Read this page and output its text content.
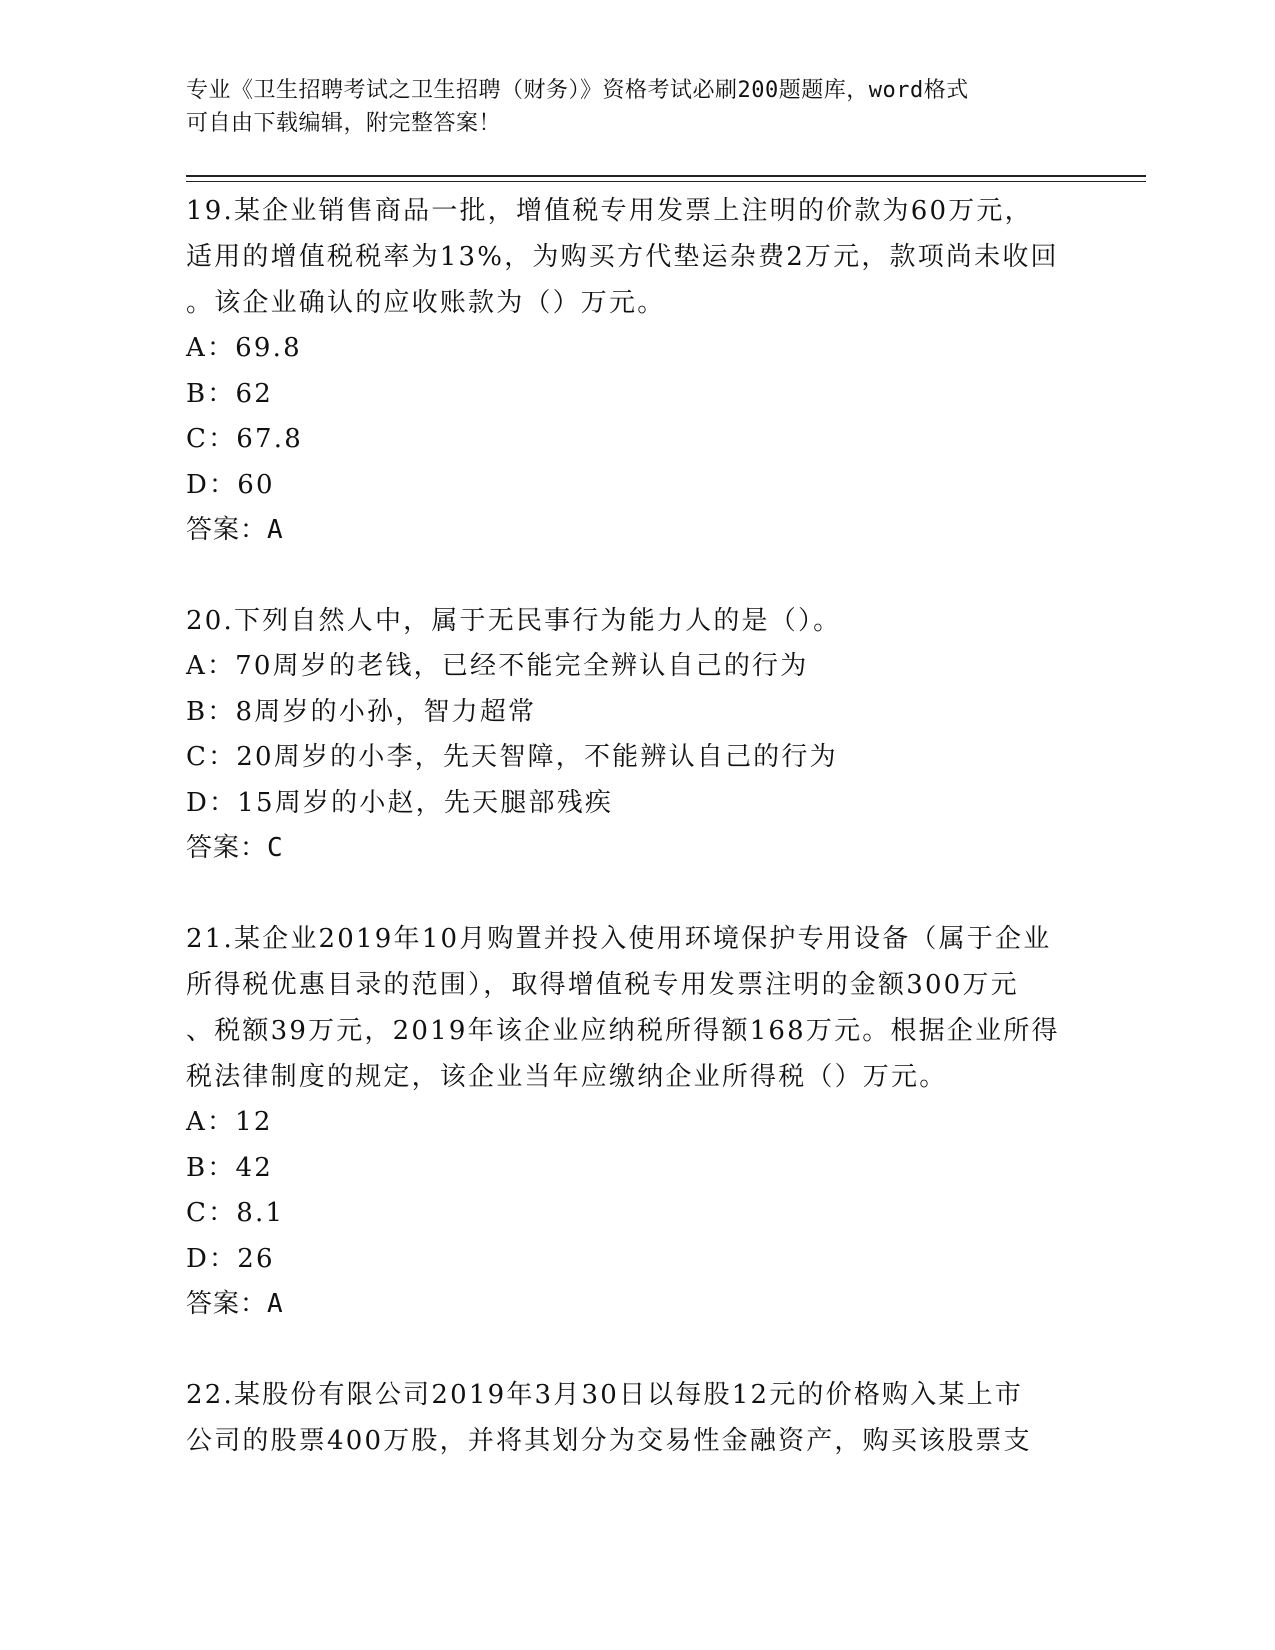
专业《卫生招聘考试之卫生招聘（财务）》资格考试必刷200题题库，word格式
可自由下载编辑，附完整答案！
19.某企业销售商品一批，增值税专用发票上注明的价款为60万元，
适用的增值税税率为13%，为购买方代垫运杂费2万元，款项尚未收回
。该企业确认的应收账款为（）万元。
A：69.8
B：62
C：67.8
D：60
答案：A
20.下列自然人中，属于无民事行为能力人的是（）。
A：70周岁的老钱，已经不能完全辨认自己的行为
B：8周岁的小孙，智力超常
C：20周岁的小李，先天智障，不能辨认自己的行为
D：15周岁的小赵，先天腿部残疾
答案：C
21.某企业2019年10月购置并投入使用环境保护专用设备（属于企业
所得税优惠目录的范围），取得增值税专用发票注明的金额300万元
、税额39万元，2019年该企业应纳税所得额168万元。根据企业所得
税法律制度的规定，该企业当年应缴纳企业所得税（）万元。
A：12
B：42
C：8.1
D：26
答案：A
22.某股份有限公司2019年3月30日以每股12元的价格购入某上市
公司的股票400万股，并将其划分为交易性金融资产，购买该股票支
